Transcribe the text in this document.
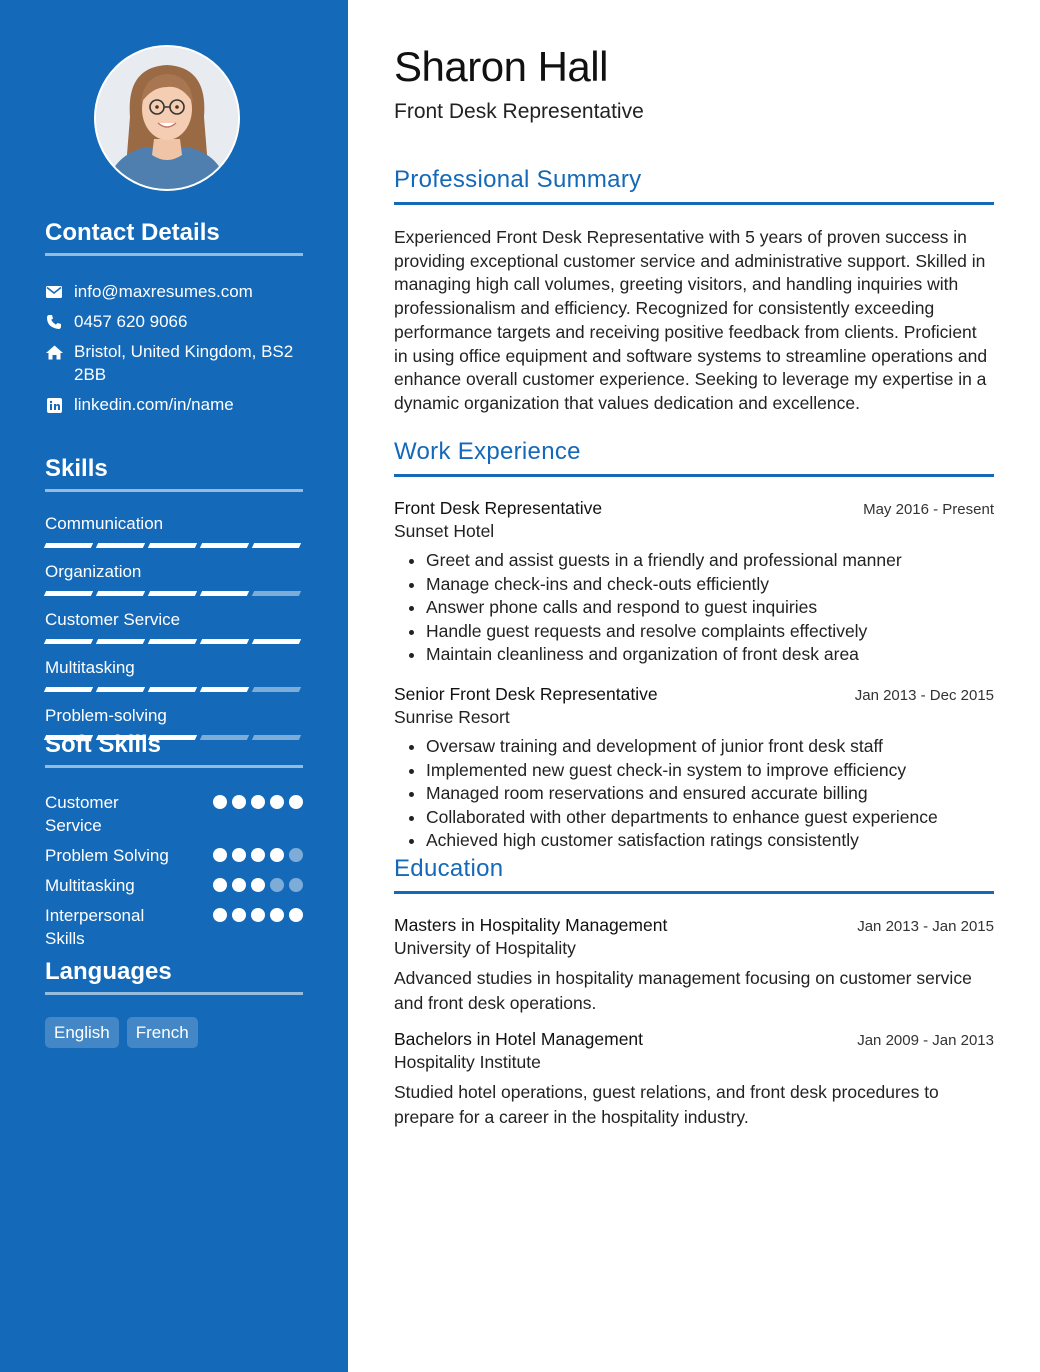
Contact Details
info@maxresumes.com
0457 620 9066
Bristol, United Kingdom, BS2 2BB
linkedin.com/in/name
Skills
Communication
Organization
Customer Service
Multitasking
Problem-solving
Soft Skills
Customer Service
Problem Solving
Multitasking
Interpersonal Skills
Languages
English	French
Sharon Hall
Front Desk Representative
Professional Summary

Experienced Front Desk Representative with 5 years of proven success in providing exceptional customer service and administrative support. Skilled in managing high call volumes, greeting visitors, and handling inquiries with professionalism and efficiency. Recognized for consistently exceeding performance targets and receiving positive feedback from clients. Proficient in using office equipment and software systems to streamline operations and enhance overall customer experience. Seeking to leverage my expertise in a dynamic organization that values dedication and excellence.

Work Experience
Front Desk Representative	May 2016 - Present
Sunset Hotel
• Greet and assist guests in a friendly and professional manner
• Manage check-ins and check-outs efficiently
• Answer phone calls and respond to guest inquiries
• Handle guest requests and resolve complaints effectively
• Maintain cleanliness and organization of front desk area
Senior Front Desk Representative	Jan 2013 - Dec 2015
Sunrise Resort
• Oversaw training and development of junior front desk staff
• Implemented new guest check-in system to improve efficiency
• Managed room reservations and ensured accurate billing
• Collaborated with other departments to enhance guest experience
• Achieved high customer satisfaction ratings consistently
Education
Masters in Hospitality Management	Jan 2013 - Jan 2015
University of Hospitality
Advanced studies in hospitality management focusing on customer service and front desk operations.
Bachelors in Hotel Management	Jan 2009 - Jan 2013
Hospitality Institute
Studied hotel operations, guest relations, and front desk procedures to prepare for a career in the hospitality industry.
